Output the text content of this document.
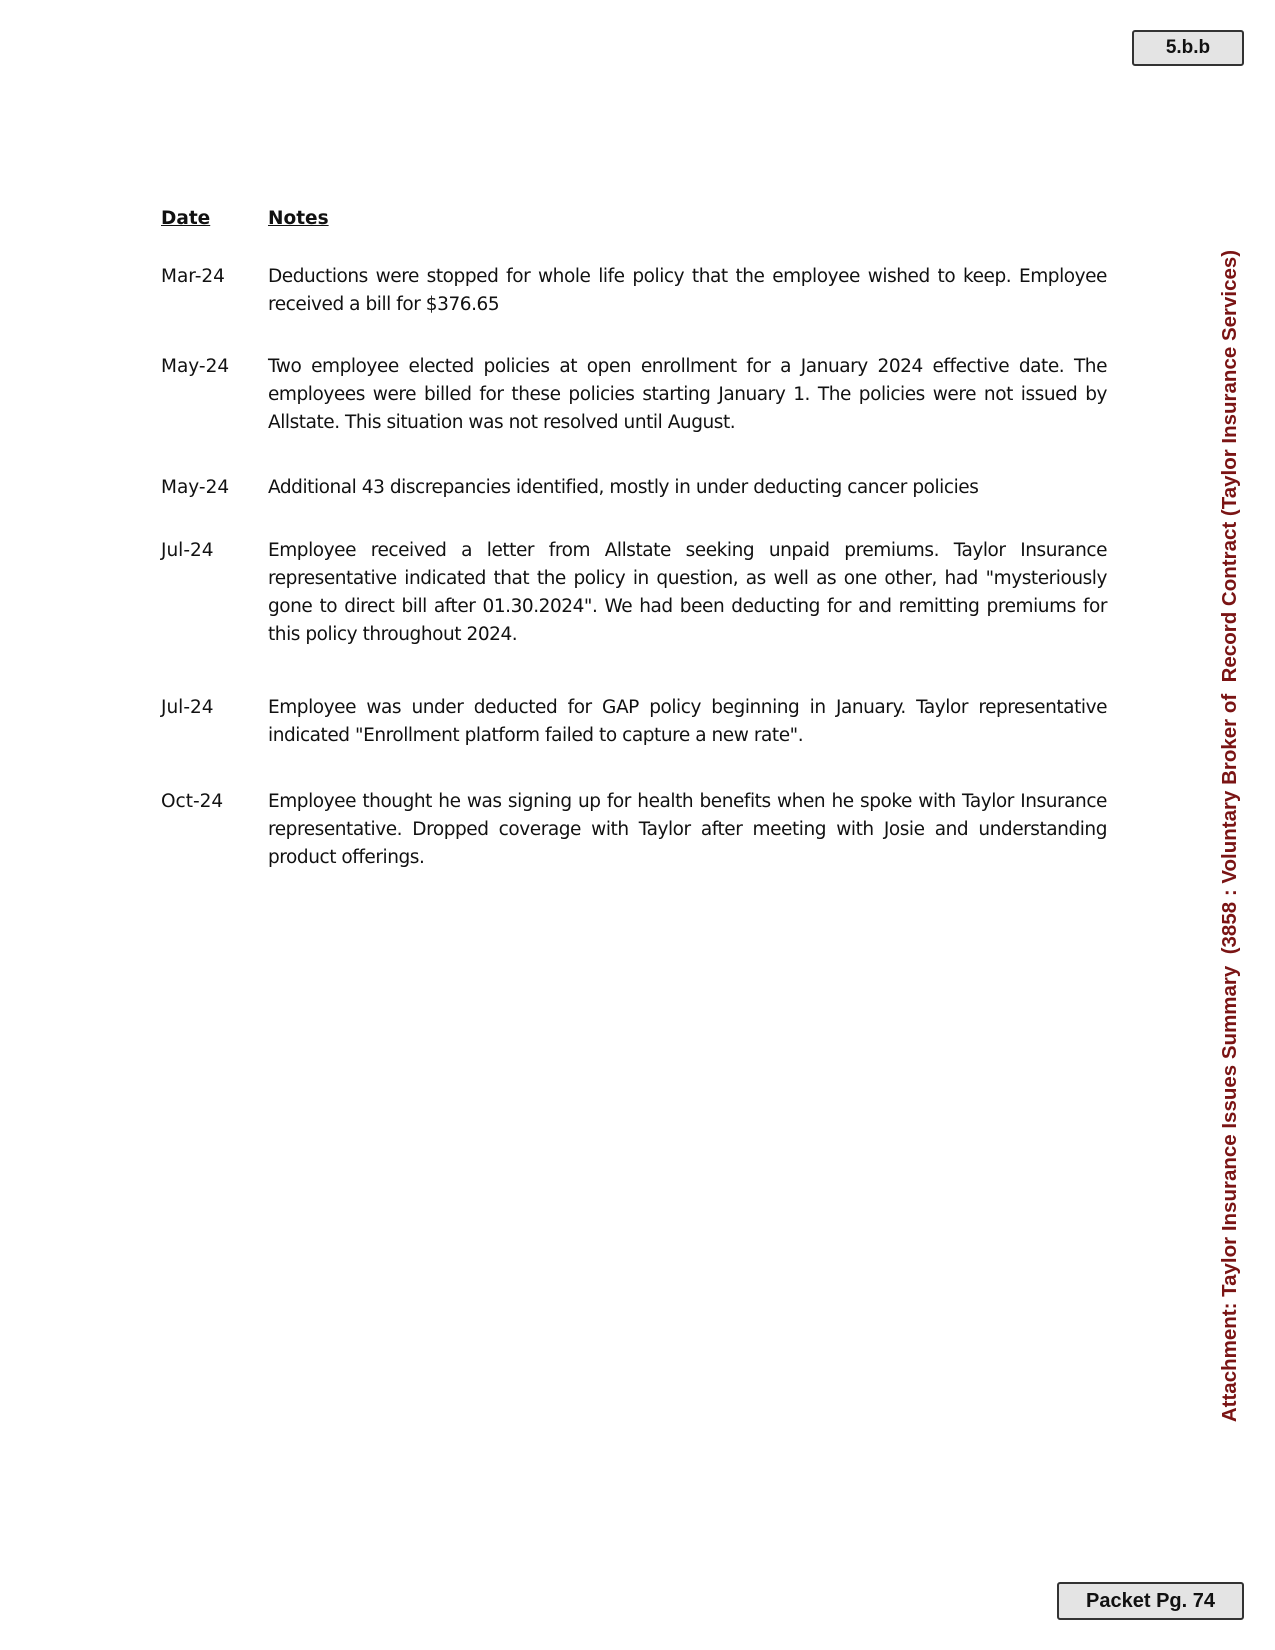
5.b.b
Date	Notes
Mar-24	Deductions were stopped for whole life policy that the employee wished to keep. Employee received a bill for $376.65
May-24	Two employee elected policies at open enrollment for a January 2024 effective date. The employees were billed for these policies starting January 1. The policies were not issued by Allstate. This situation was not resolved until August.
May-24	Additional 43 discrepancies identified, mostly in under deducting cancer policies
Jul-24	Employee received a letter from Allstate seeking unpaid premiums. Taylor Insurance representative indicated that the policy in question, as well as one other, had "mysteriously gone to direct bill after 01.30.2024". We had been deducting for and remitting premiums for this policy throughout 2024.
Jul-24	Employee was under deducted for GAP policy beginning in January. Taylor representative indicated "Enrollment platform failed to capture a new rate".
Oct-24	Employee thought he was signing up for health benefits when he spoke with Taylor Insurance representative. Dropped coverage with Taylor after meeting with Josie and understanding product offerings.	Attachment: Taylor Insurance Issues Summary  (3858 : Voluntary Broker of  Record Contract (Taylor Insurance Services)
Packet Pg. 74
